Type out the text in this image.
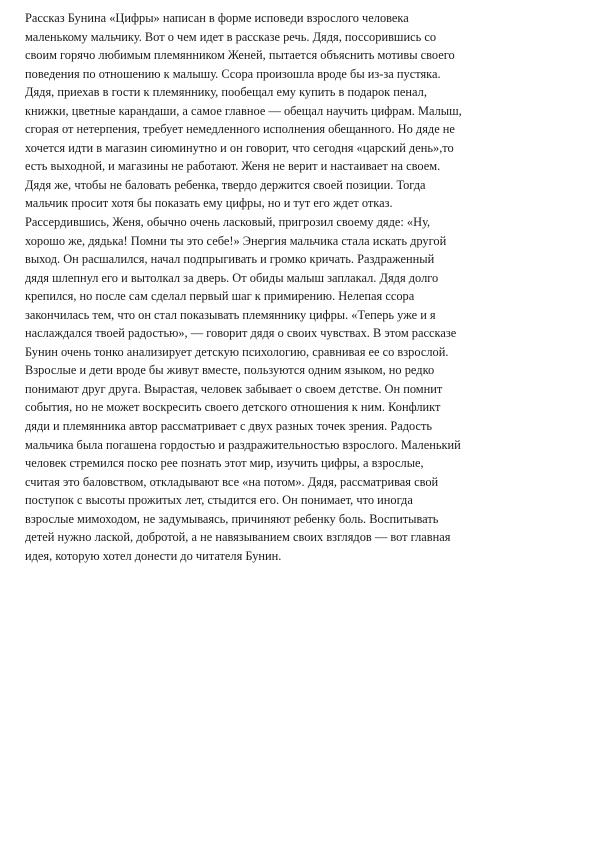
Рассказ Бунина «Цифры» написан в форме исповеди взрослого человека
маленькому мальчику. Вот о чем идет в рассказе речь. Дядя, поссорившись со
своим горячо любимым племянником Женей, пытается объяснить мотивы своего
поведения по отношению к малышу. Ссора произошла вроде бы из-за пустяка.
Дядя, приехав в гости к племяннику, пообещал ему купить в подарок пенал,
книжки, цветные карандаши, а самое главное — обещал научить цифрам. Малыш,
сгорая от нетерпения, требует немедленного исполнения обещанного. Но дяде не
хочется идти в магазин сиюминутно и он говорит, что сегодня «царский день»,то
есть выходной, и магазины не работают. Женя не верит и настаивает на своем.
Дядя же, чтобы не баловать ребенка, твердо держится своей позиции. Тогда
мальчик просит хотя бы показать ему цифры, но и тут его ждет отказ.
Рассердившись, Женя, обычно очень ласковый, пригрозил своему дяде: «Ну,
хорошо же, дядька! Помни ты это себе!» Энергия мальчика стала искать другой
выход. Он расшалился, начал подпрыгивать и громко кричать. Раздраженный
дядя шлепнул его и вытолкал за дверь. От обиды малыш заплакал. Дядя долго
крепился, но после сам сделал первый шаг к примирению. Нелепая ссора
закончилась тем, что он стал показывать племяннику цифры. «Теперь уже и я
наслаждался твоей радостью», — говорит дядя о своих чувствах. В этом рассказе
Бунин очень тонко анализирует детскую психологию, сравнивая ее со взрослой.
Взрослые и дети вроде бы живут вместе, пользуются одним языком, но редко
понимают друг друга. Вырастая, человек забывает о своем детстве. Он помнит
события, но не может воскресить своего детского отношения к ним. Конфликт
дяди и племянника автор рассматривает с двух разных точек зрения. Радость
мальчика была погашена гордостью и раздражительностью взрослого. Маленький
человек стремился поско рее познать этот мир, изучить цифры, а взрослые,
считая это баловством, откладывают все «на потом». Дядя, рассматривая свой
поступок с высоты прожитых лет, стыдится его. Он понимает, что иногда
взрослые мимоходом, не задумываясь, причиняют ребенку боль. Воспитывать
детей нужно лаской, добротой, а не навязыванием своих взглядов — вот главная
идея, которую хотел донести до читателя Бунин.
